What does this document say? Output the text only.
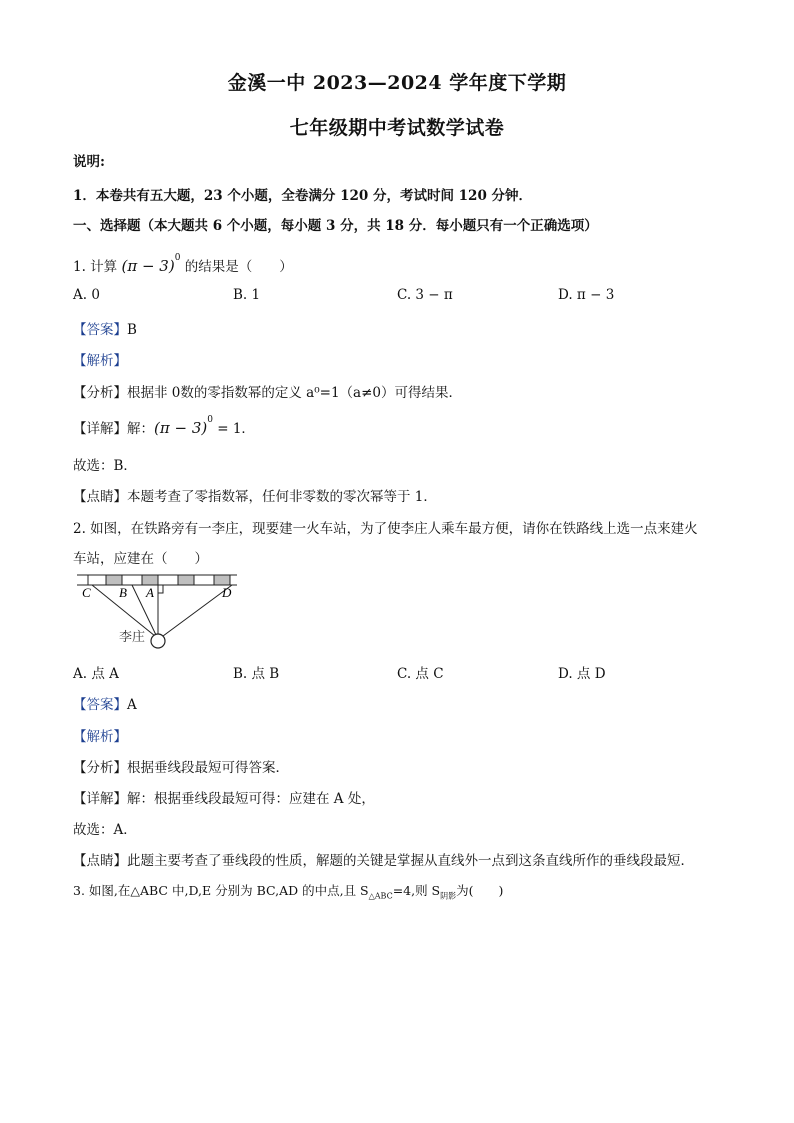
金溪一中 2023—2024 学年度下学期
七年级期中考试数学试卷
说明:
1．本卷共有五大题，23 个小题，全卷满分 120 分，考试时间 120 分钟．
一、选择题（本大题共 6 个小题，每小题 3 分，共 18 分．每小题只有一个正确选项）
1. 计算 $(\pi - 3)^0$ 的结果是（　　）
A. 0	B. 1	C. 3 − π	D. π − 3
【答案】B
【解析】
【分析】根据非 0数的零指数幂的定义 a⁰=1（a≠0）可得结果．
【详解】解：$(\pi - 3)^0 = 1$．
故选：B．
【点睛】本题考查了零指数幂，任何非零数的零次幂等于 1．
2. 如图，在铁路旁有一李庄，现要建一火车站，为了使李庄人乘车最方便，请你在铁路线上选一点来建火
车站，应建在（　　）
C B A	D
李庄
A. 点 A	B. 点 B	C. 点 C	D. 点 D
【答案】A
【解析】
【分析】根据垂线段最短可得答案．
【详解】解：根据垂线段最短可得：应建在 A 处，
故选：A．
【点睛】此题主要考查了垂线段的性质，解题的关键是掌握从直线外一点到这条直线所作的垂线段最短．
3. 如图,在△ABC 中,D,E 分别为 BC,AD 的中点,且 $S_{\triangle ABC}=4$,则 $S_{阴影}$为(　　)
